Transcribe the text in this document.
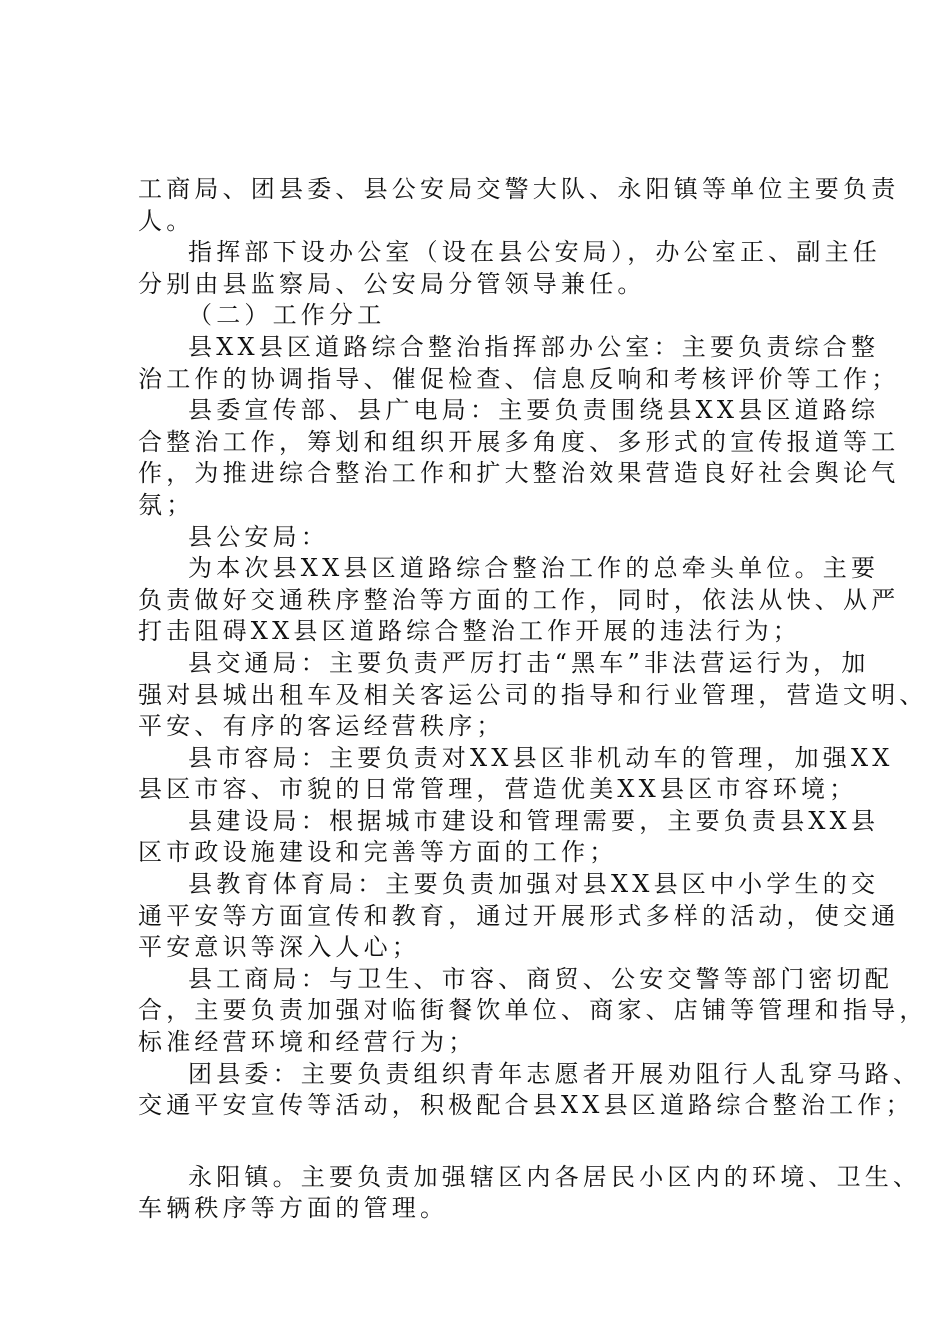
工商局、团县委、县公安局交警大队、永阳镇等单位主要负责
人。
指挥部下设办公室（设在县公安局），办公室正、副主任
分别由县监察局、公安局分管领导兼任。
（二）工作分工
县XX县区道路综合整治指挥部办公室：主要负责综合整
治工作的协调指导、催促检查、信息反响和考核评价等工作；
县委宣传部、县广电局：主要负责围绕县XX县区道路综
合整治工作，筹划和组织开展多角度、多形式的宣传报道等工
作，为推进综合整治工作和扩大整治效果营造良好社会舆论气
氛；
县公安局：
为本次县XX县区道路综合整治工作的总牵头单位。主要
负责做好交通秩序整治等方面的工作，同时，依法从快、从严
打击阻碍XX县区道路综合整治工作开展的违法行为；
县交通局：主要负责严厉打击“黑车”非法营运行为，加
强对县城出租车及相关客运公司的指导和行业管理，营造文明、
平安、有序的客运经营秩序；
县市容局：主要负责对XX县区非机动车的管理，加强XX
县区市容、市貌的日常管理，营造优美XX县区市容环境；
县建设局：根据城市建设和管理需要，主要负责县XX县
区市政设施建设和完善等方面的工作；
县教育体育局：主要负责加强对县XX县区中小学生的交
通平安等方面宣传和教育，通过开展形式多样的活动，使交通
平安意识等深入人心；
县工商局：与卫生、市容、商贸、公安交警等部门密切配
合，主要负责加强对临街餐饮单位、商家、店铺等管理和指导，
标准经营环境和经营行为；
团县委：主要负责组织青年志愿者开展劝阻行人乱穿马路、
交通平安宣传等活动，积极配合县XX县区道路综合整治工作；
永阳镇。主要负责加强辖区内各居民小区内的环境、卫生、
车辆秩序等方面的管理。
